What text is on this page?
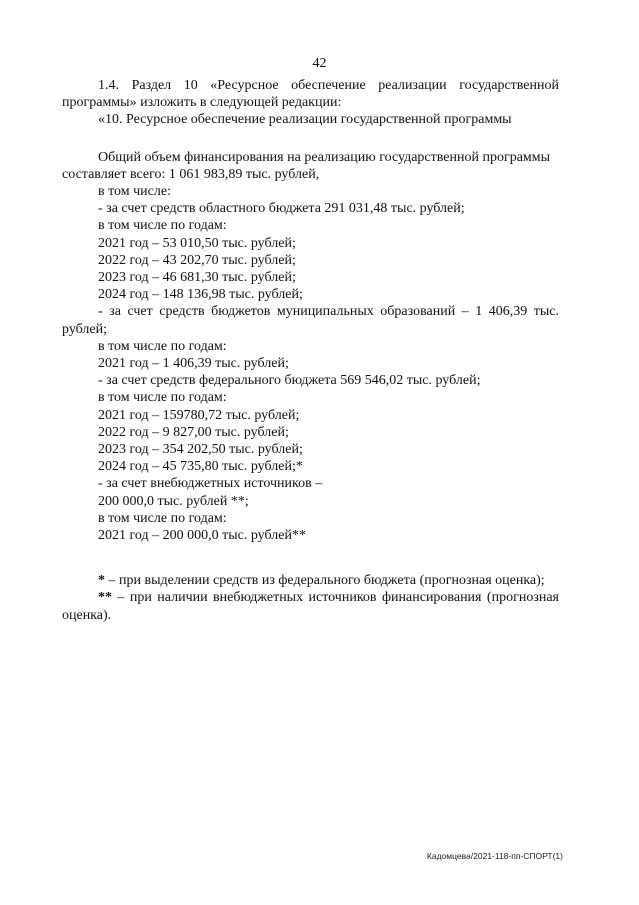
42

1.4. Раздел 10 «Ресурсное обеспечение реализации государственной

программы» изложить в следующей редакции:

«10. Ресурсное обеспечение реализации государственной программы

Общий объем финансирования на реализацию государственной программы

составляет всего: 1 061 983,89 тыс. рублей,

в том числе:

- за счет средств областного бюджета 291 031,48 тыс. рублей;

в том числе по годам:

2021 год – 53 010,50 тыс. рублей;

2022 год – 43 202,70 тыс. рублей;

2023 год – 46 681,30 тыс. рублей;

2024 год – 148 136,98 тыс. рублей;

- за счет средств бюджетов муниципальных образований – 1 406,39 тыс.

рублей;

в том числе по годам:

2021 год – 1 406,39 тыс. рублей;

- за счет средств федерального бюджета 569 546,02 тыс. рублей;

в том числе по годам:

2021 год – 159780,72 тыс. рублей;

2022 год – 9 827,00 тыс. рублей;

2023 год – 354 202,50 тыс. рублей;

2024 год – 45 735,80 тыс. рублей;*

- за счет внебюджетных источников –

200 000,0 тыс. рублей **;

в том числе по годам:

2021 год – 200 000,0 тыс. рублей**

* – при выделении средств из федерального бюджета (прогнозная оценка);

** – при наличии внебюджетных источников финансирования (прогнозная

оценка).

Кадомцева/2021-118-пп-СПОРТ(1)
